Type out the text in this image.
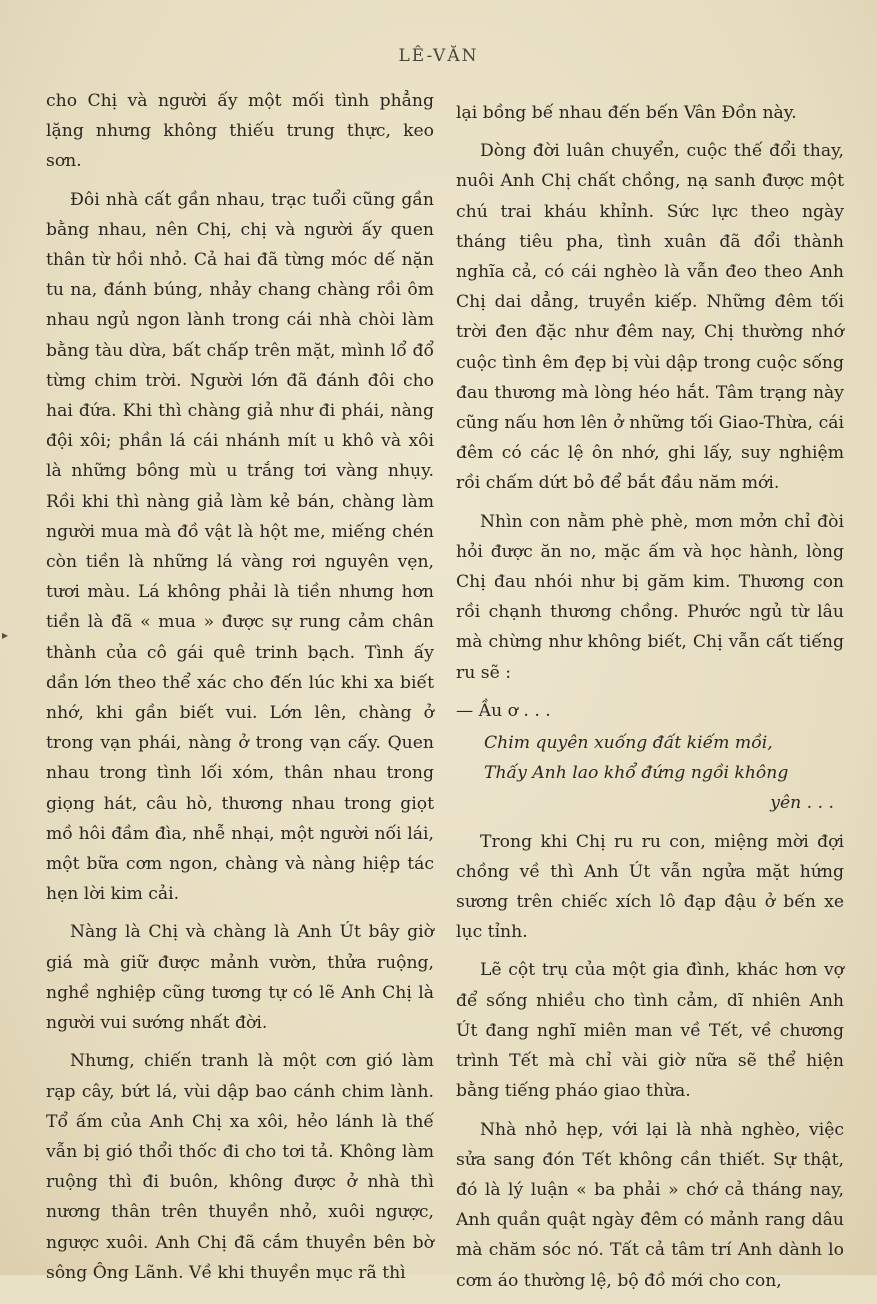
LÊ-VĂN
▸

cho Chị và người ấy một mối tình phẳng lặng nhưng không thiếu trung thực, keo sơn.

Đôi nhà cất gần nhau, trạc tuổi cũng gần bằng nhau, nên Chị, chị và người ấy quen thân từ hồi nhỏ. Cả hai đã từng móc dế nặn tu na, đánh búng, nhảy chang chàng rồi ôm nhau ngủ ngon lành trong cái nhà chòi làm bằng tàu dừa, bất chấp trên mặt, mình lổ đổ từng chim trời. Người lớn đã đánh đôi cho hai đứa. Khi thì chàng giả như đi phái, nàng đội xôi; phần lá cái nhánh mít u khô và xôi là những bông mù u trắng tơi vàng nhụy. Rồi khi thì nàng giả làm kẻ bán, chàng làm người mua mà đồ vật là hột me, miếng chén còn tiền là những lá vàng rơi nguyên vẹn, tươi màu. Lá không phải là tiền nhưng hơn tiền là đã « mua » được sự rung cảm chân thành của cô gái quê trinh bạch. Tình ấy dần lớn theo thể xác cho đến lúc khi xa biết nhớ, khi gần biết vui. Lớn lên, chàng ở trong vạn phái, nàng ở trong vạn cấy. Quen nhau trong tình lối xóm, thân nhau trong giọng hát, câu hò, thương nhau trong giọt mồ hôi đầm đìa, nhễ nhại, một người nối lái, một bữa cơm ngon, chàng và nàng hiệp tác hẹn lời kim cải.

Nàng là Chị và chàng là Anh Út bây giờ giá mà giữ được mảnh vườn, thửa ruộng, nghề nghiệp cũng tương tự có lẽ Anh Chị là người vui sướng nhất đời.

Nhưng, chiến tranh là một cơn gió làm rạp cây, bứt lá, vùi dập bao cánh chim lành. Tổ ấm của Anh Chị xa xôi, hẻo lánh là thế vẫn bị gió thổi thốc đi cho tơi tả. Không làm ruộng thì đi buôn, không được ở nhà thì nương thân trên thuyền nhỏ, xuôi ngược, ngược xuôi. Anh Chị đã cắm thuyền bên bờ sông Ông Lãnh. Về khi thuyền mục rã thì

lại bồng bế nhau đến bến Vân Đồn này.

Dòng đời luân chuyển, cuộc thế đổi thay, nuôi Anh Chị chất chồng, nạ sanh được một chú trai kháu khỉnh. Sức lực theo ngày tháng tiêu pha, tình xuân đã đổi thành nghĩa cả, có cái nghèo là vẫn đeo theo Anh Chị dai dẳng, truyền kiếp. Những đêm tối trời đen đặc như đêm nay, Chị thường nhớ cuộc tình êm đẹp bị vùi dập trong cuộc sống đau thương mà lòng héo hắt. Tâm trạng này cũng nấu hơn lên ở những tối Giao-Thừa, cái đêm có các lệ ôn nhớ, ghi lấy, suy nghiệm rồi chấm dứt bỏ để bắt đầu năm mới.

Nhìn con nằm phè phè, mơn mởn chỉ đòi hỏi được ăn no, mặc ấm và học hành, lòng Chị đau nhói như bị găm kim. Thương con rồi chạnh thương chồng. Phước ngủ từ lâu mà chừng như không biết, Chị vẫn cất tiếng ru sẽ :

— Ầu ơ . . .

Chim quyên xuống đất kiếm mồi,

Thấy Anh lao khổ đứng ngồi không

yên . . .

Trong khi Chị ru ru con, miệng mời đợi chồng về thì Anh Út vẫn ngửa mặt hứng sương trên chiếc xích lô đạp đậu ở bến xe lục tỉnh.

Lẽ cột trụ của một gia đình, khác hơn vợ để sống nhiều cho tình cảm, dĩ nhiên Anh Út đang nghĩ miên man về Tết, về chương trình Tết mà chỉ vài giờ nữa sẽ thể hiện bằng tiếng pháo giao thừa.

Nhà nhỏ hẹp, với lại là nhà nghèo, việc sửa sang đón Tết không cần thiết. Sự thật, đó là lý luận « ba phải » chớ cả tháng nay, Anh quần quật ngày đêm có mảnh rang dâu mà chăm sóc nó. Tất cả tâm trí Anh dành lo cơm áo thường lệ, bộ đồ mới cho con,
